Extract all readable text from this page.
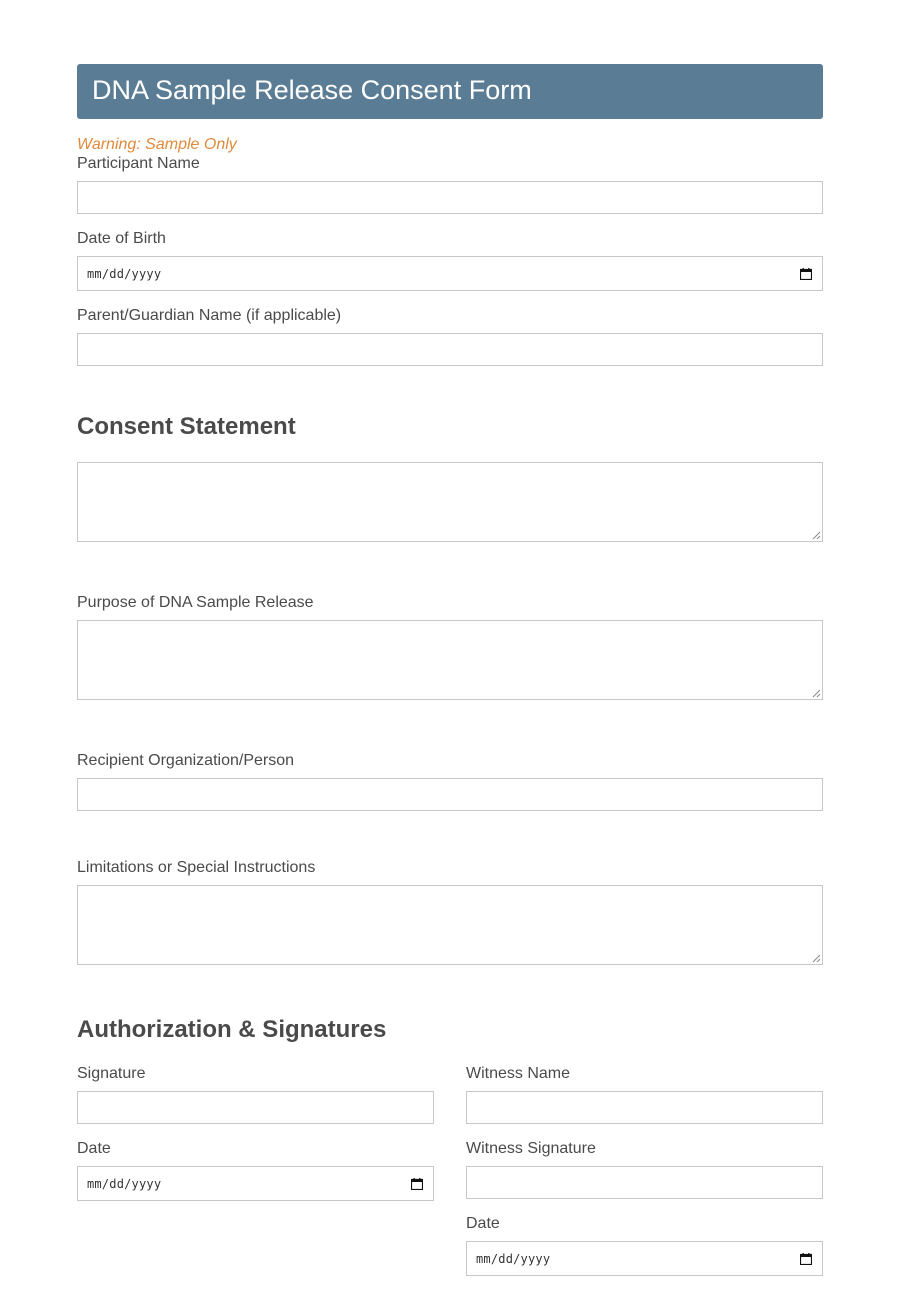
DNA Sample Release Consent Form
Warning: Sample Only
Participant Name
Date of Birth
mm/dd/yyyy
Parent/Guardian Name (if applicable)
Consent Statement
Purpose of DNA Sample Release
Recipient Organization/Person
Limitations or Special Instructions
Authorization & Signatures
Signature
Date
mm/dd/yyyy
Witness Name
Witness Signature
Date
mm/dd/yyyy
